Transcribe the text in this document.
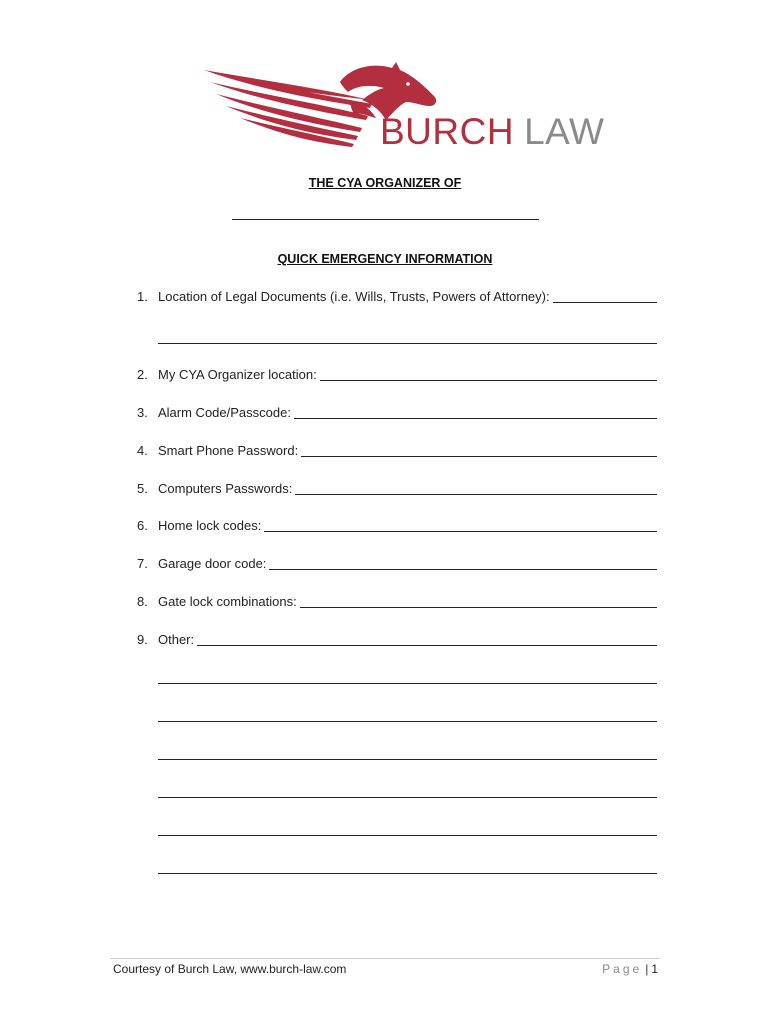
BURCH LAW
THE CYA ORGANIZER OF
QUICK EMERGENCY INFORMATION
1. Location of Legal Documents (i.e. Wills, Trusts, Powers of Attorney):
2. My CYA Organizer location:
3. Alarm Code/Passcode:
4. Smart Phone Password:
5. Computers Passwords:
6. Home lock codes:
7. Garage door code:
8. Gate lock combinations:
9. Other:
Courtesy of Burch Law, www.burch-law.com	Page | 1
